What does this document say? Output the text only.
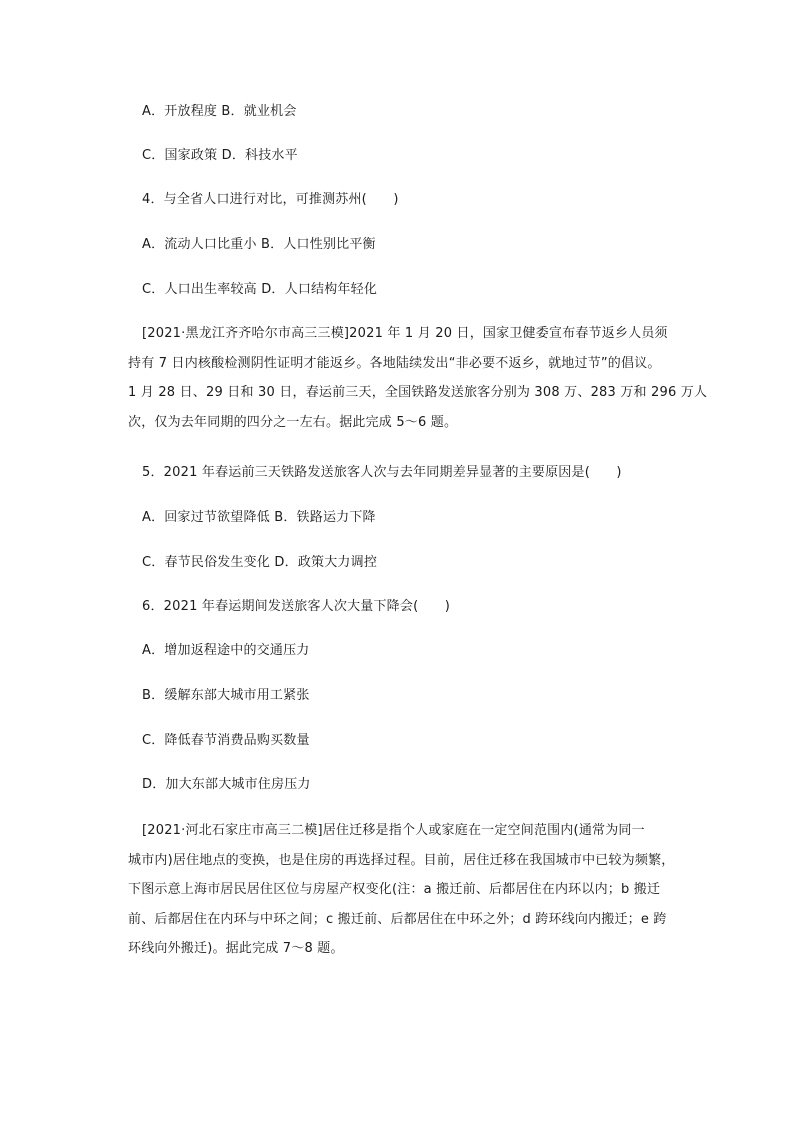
A．开放程度 B．就业机会
C．国家政策 D．科技水平
4．与全省人口进行对比，可推测苏州(　　)
A．流动人口比重小 B．人口性别比平衡
C．人口出生率较高 D．人口结构年轻化
[2021·黑龙江齐齐哈尔市高三三模]2021 年 1 月 20 日，国家卫健委宣布春节返乡人员须
持有 7 日内核酸检测阴性证明才能返乡。各地陆续发出“非必要不返乡，就地过节”的倡议。
1 月 28 日、29 日和 30 日，春运前三天，全国铁路发送旅客分别为 308 万、283 万和 296 万人
次，仅为去年同期的四分之一左右。据此完成 5～6 题。
5．2021 年春运前三天铁路发送旅客人次与去年同期差异显著的主要原因是(　　)
A．回家过节欲望降低 B．铁路运力下降
C．春节民俗发生变化 D．政策大力调控
6．2021 年春运期间发送旅客人次大量下降会(　　)
A．增加返程途中的交通压力
B．缓解东部大城市用工紧张
C．降低春节消费品购买数量
D．加大东部大城市住房压力
[2021·河北石家庄市高三二模]居住迁移是指个人或家庭在一定空间范围内(通常为同一
城市内)居住地点的变换，也是住房的再选择过程。目前，居住迁移在我国城市中已较为频繁，
下图示意上海市居民居住区位与房屋产权变化(注：a 搬迁前、后都居住在内环以内；b 搬迁
前、后都居住在内环与中环之间；c 搬迁前、后都居住在中环之外；d 跨环线向内搬迁；e 跨
环线向外搬迁)。据此完成 7～8 题。
